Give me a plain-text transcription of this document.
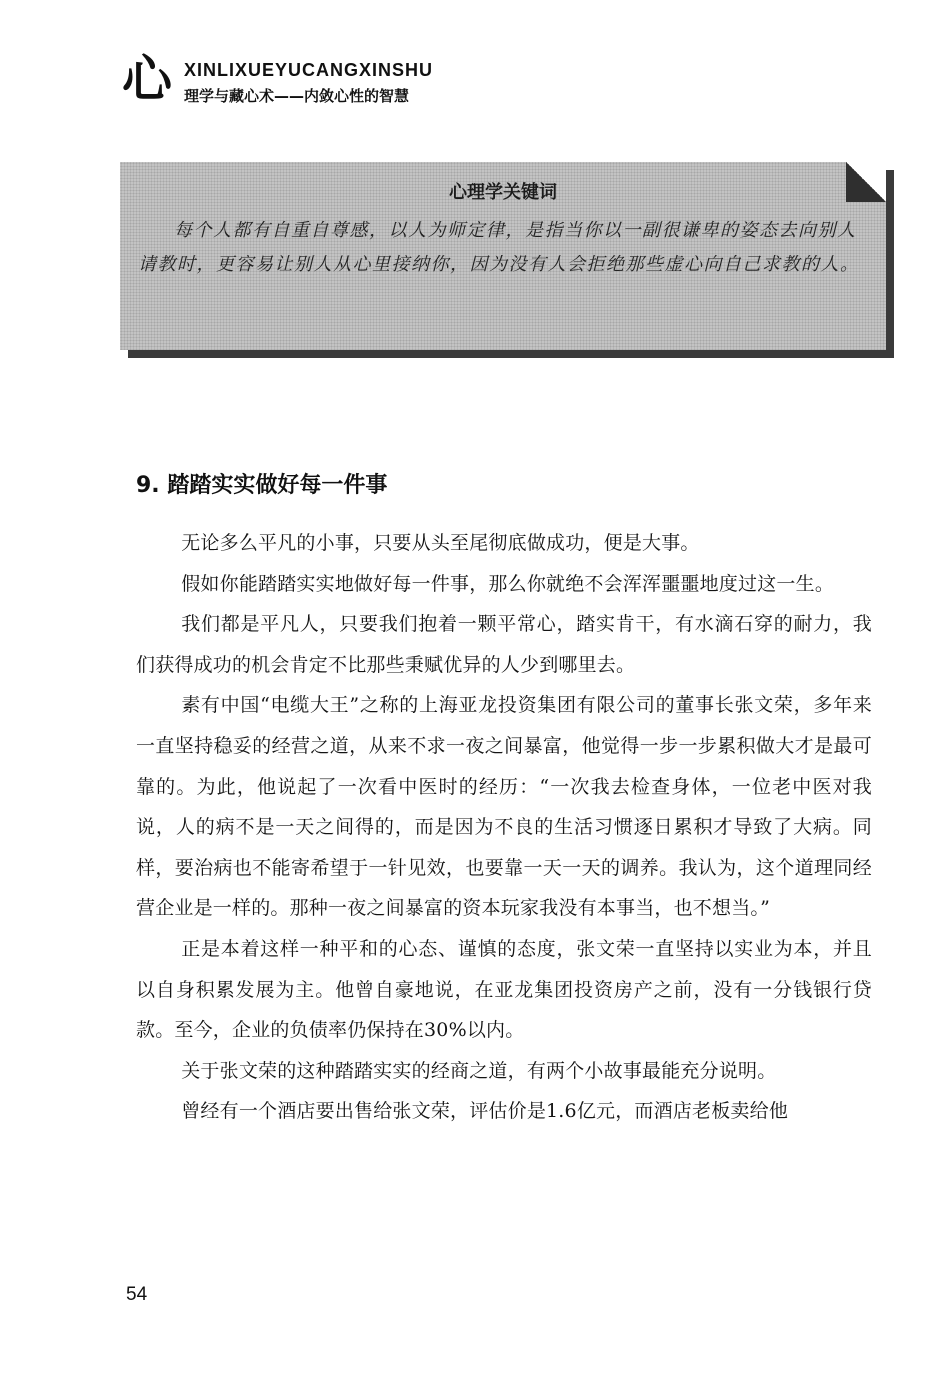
心 XINLIXUEYUCANGXINSHU
理学与藏心术——内敛心性的智慧
心理学关键词

每个人都有自重自尊感，以人为师定律，是指当你以一副很谦卑的姿态去向别人请教时，更容易让别人从心里接纳你，因为没有人会拒绝那些虚心向自己求教的人。

9. 踏踏实实做好每一件事

无论多么平凡的小事，只要从头至尾彻底做成功，便是大事。

假如你能踏踏实实地做好每一件事，那么你就绝不会浑浑噩噩地度过这一生。

我们都是平凡人，只要我们抱着一颗平常心，踏实肯干，有水滴石穿的耐力，我们获得成功的机会肯定不比那些秉赋优异的人少到哪里去。

素有中国“电缆大王”之称的上海亚龙投资集团有限公司的董事长张文荣，多年来一直坚持稳妥的经营之道，从来不求一夜之间暴富，他觉得一步一步累积做大才是最可靠的。为此，他说起了一次看中医时的经历：“一次我去检查身体，一位老中医对我说，人的病不是一天之间得的，而是因为不良的生活习惯逐日累积才导致了大病。同样，要治病也不能寄希望于一针见效，也要靠一天一天的调养。我认为，这个道理同经营企业是一样的。那种一夜之间暴富的资本玩家我没有本事当，也不想当。”

正是本着这样一种平和的心态、谨慎的态度，张文荣一直坚持以实业为本，并且以自身积累发展为主。他曾自豪地说，在亚龙集团投资房产之前，没有一分钱银行贷款。至今，企业的负债率仍保持在30%以内。

关于张文荣的这种踏踏实实的经商之道，有两个小故事最能充分说明。

曾经有一个酒店要出售给张文荣，评估价是1.6亿元，而酒店老板卖给他

54
